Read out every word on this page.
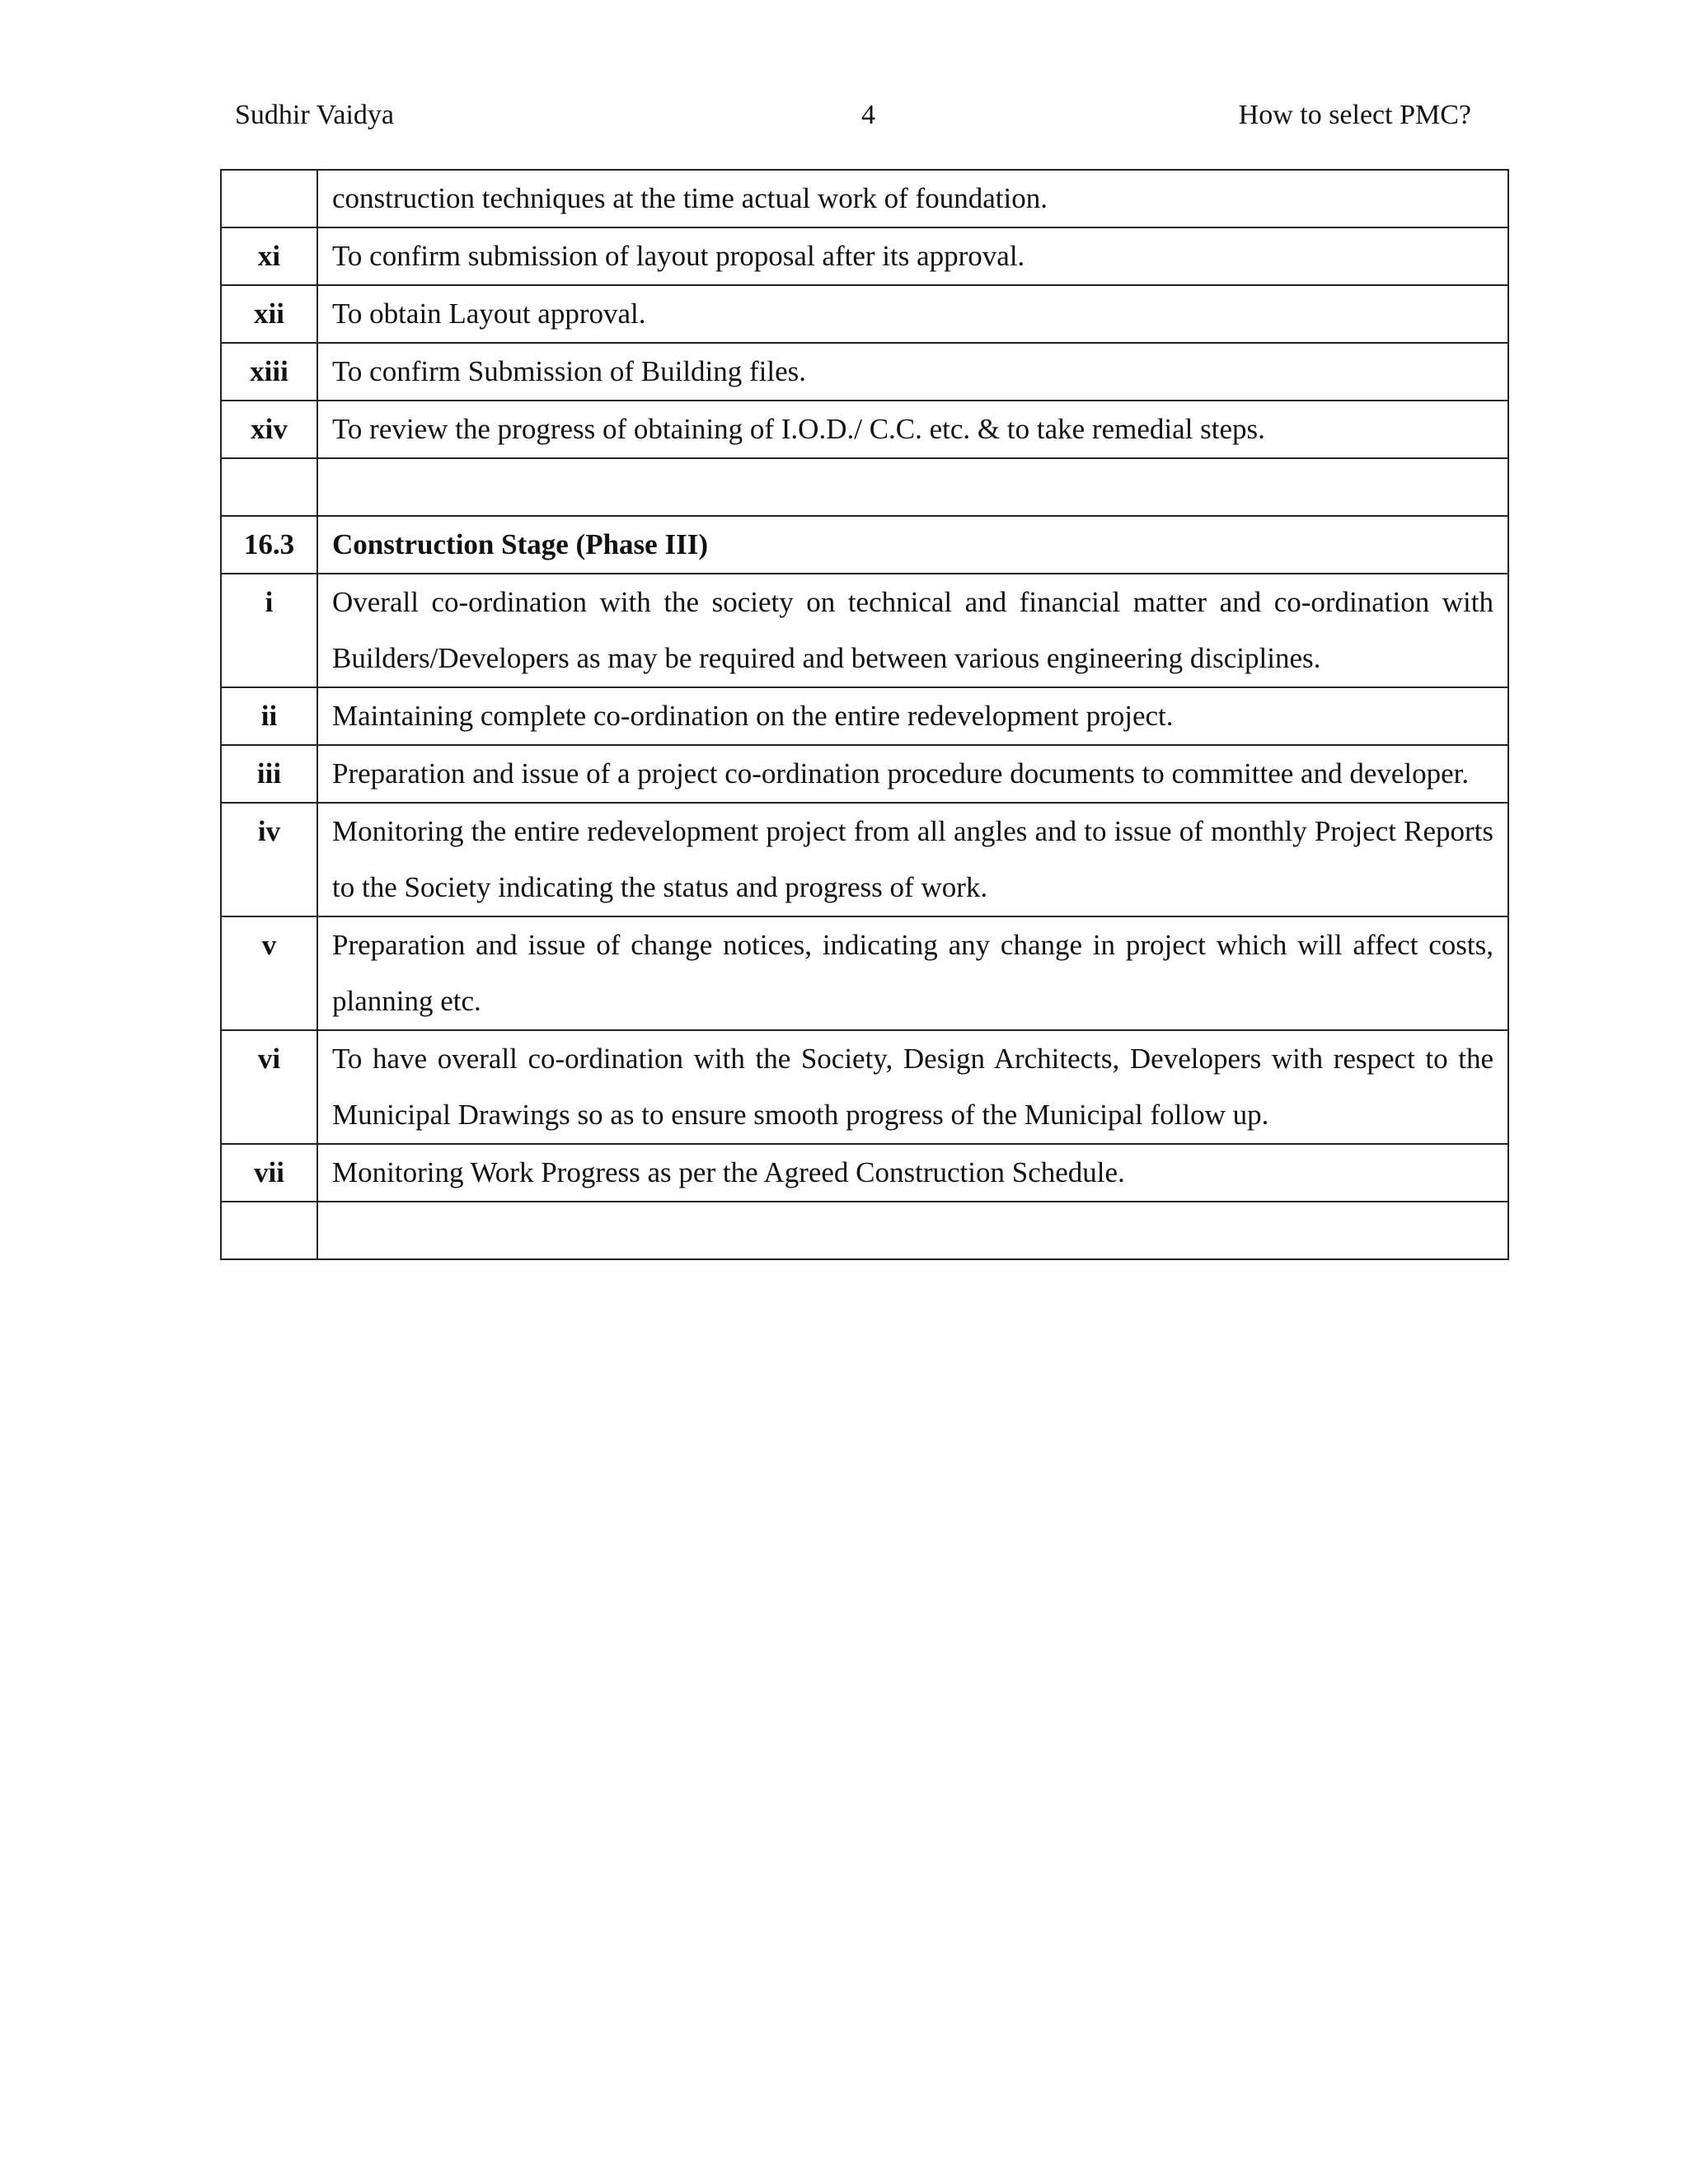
Sudhir Vaidya	4	How to select PMC?
	construction techniques at the time actual work of foundation.
xi	To confirm submission of layout proposal after its approval.
xii	To obtain Layout approval.
xiii	To confirm Submission of Building files.
xiv	To review the progress of obtaining of I.O.D./ C.C. etc. & to take remedial steps.

16.3	Construction Stage (Phase III)
i	Overall co-ordination with the society on technical and financial matter and co-ordination with Builders/Developers as may be required and between various engineering disciplines.
ii	Maintaining complete co-ordination on the entire redevelopment project.
iii	Preparation and issue of a project co-ordination procedure documents to committee and developer.
iv	Monitoring the entire redevelopment project from all angles and to issue of monthly Project Reports to the Society indicating the status and progress of work.
v	Preparation and issue of change notices, indicating any change in project which will affect costs, planning etc.
vi	To have overall co-ordination with the Society, Design Architects, Developers with respect to the Municipal Drawings so as to ensure smooth progress of the Municipal follow up.
vii	Monitoring Work Progress as per the Agreed Construction Schedule.
